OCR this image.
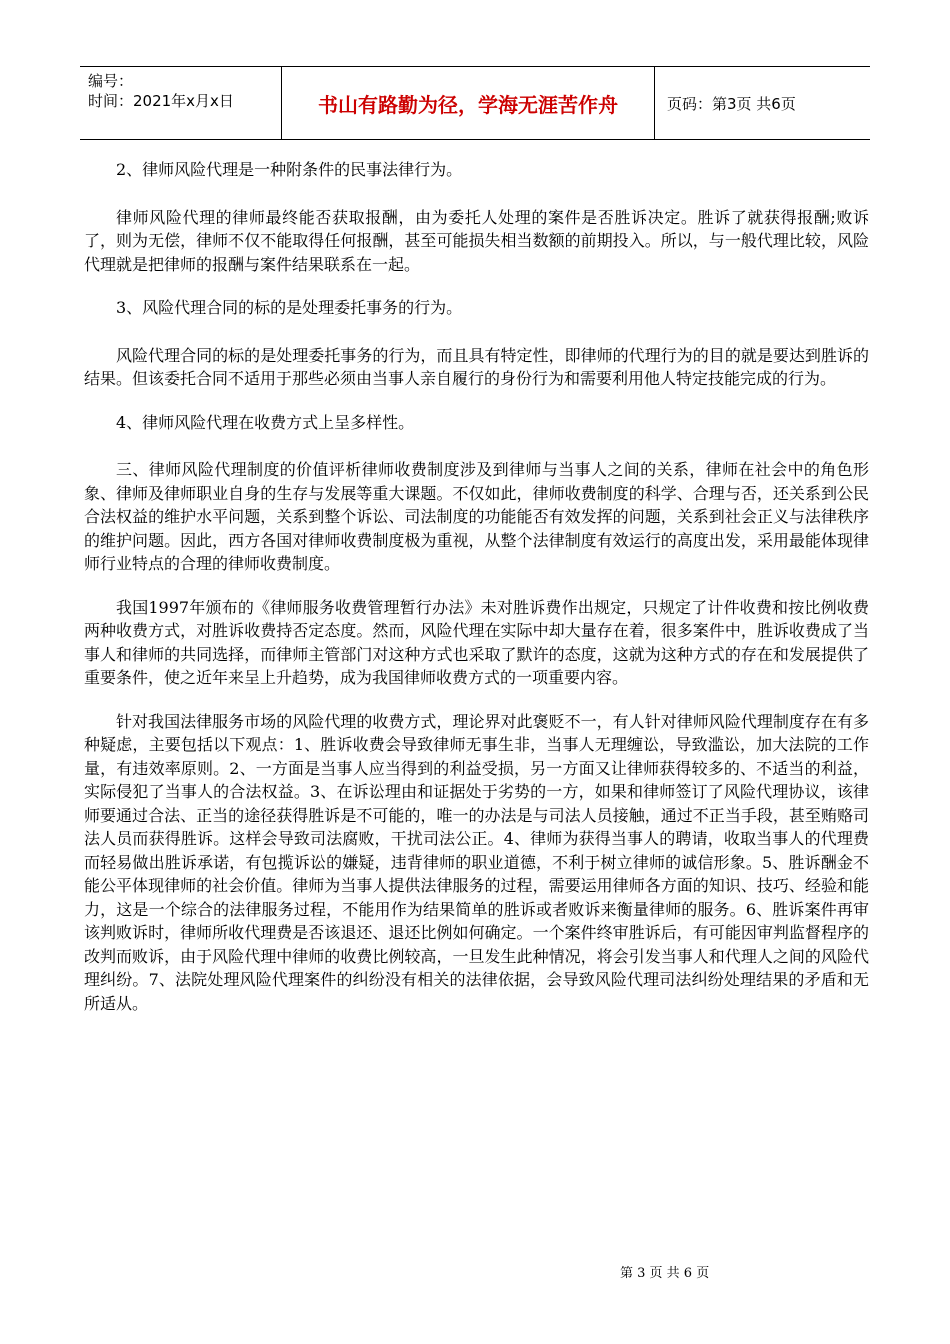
编号：
时间：2021年x月x日	书山有路勤为径，学海无涯苦作舟	页码：第3页 共6页

2、律师风险代理是一种附条件的民事法律行为。

律师风险代理的律师最终能否获取报酬，由为委托人处理的案件是否胜诉决定。胜诉了就获得报酬;败诉了，则为无偿，律师不仅不能取得任何报酬，甚至可能损失相当数额的前期投入。所以，与一般代理比较，风险代理就是把律师的报酬与案件结果联系在一起。

3、风险代理合同的标的是处理委托事务的行为。

风险代理合同的标的是处理委托事务的行为，而且具有特定性，即律师的代理行为的目的就是要达到胜诉的结果。但该委托合同不适用于那些必须由当事人亲自履行的身份行为和需要利用他人特定技能完成的行为。

4、律师风险代理在收费方式上呈多样性。

三、律师风险代理制度的价值评析律师收费制度涉及到律师与当事人之间的关系，律师在社会中的角色形象、律师及律师职业自身的生存与发展等重大课题。不仅如此，律师收费制度的科学、合理与否，还关系到公民合法权益的维护水平问题，关系到整个诉讼、司法制度的功能能否有效发挥的问题，关系到社会正义与法律秩序的维护问题。因此，西方各国对律师收费制度极为重视，从整个法律制度有效运行的高度出发，采用最能体现律师行业特点的合理的律师收费制度。

我国1997年颁布的《律师服务收费管理暂行办法》未对胜诉费作出规定，只规定了计件收费和按比例收费两种收费方式，对胜诉收费持否定态度。然而，风险代理在实际中却大量存在着，很多案件中，胜诉收费成了当事人和律师的共同选择，而律师主管部门对这种方式也采取了默许的态度，这就为这种方式的存在和发展提供了重要条件，使之近年来呈上升趋势，成为我国律师收费方式的一项重要内容。

针对我国法律服务市场的风险代理的收费方式，理论界对此褒贬不一，有人针对律师风险代理制度存在有多种疑虑，主要包括以下观点：1、胜诉收费会导致律师无事生非，当事人无理缠讼，导致滥讼，加大法院的工作量，有违效率原则。2、一方面是当事人应当得到的利益受损，另一方面又让律师获得较多的、不适当的利益，实际侵犯了当事人的合法权益。3、在诉讼理由和证据处于劣势的一方，如果和律师签订了风险代理协议，该律师要通过合法、正当的途径获得胜诉是不可能的，唯一的办法是与司法人员接触，通过不正当手段，甚至贿赂司法人员而获得胜诉。这样会导致司法腐败，干扰司法公正。4、律师为获得当事人的聘请，收取当事人的代理费而轻易做出胜诉承诺，有包揽诉讼的嫌疑，违背律师的职业道德，不利于树立律师的诚信形象。5、胜诉酬金不能公平体现律师的社会价值。律师为当事人提供法律服务的过程，需要运用律师各方面的知识、技巧、经验和能力，这是一个综合的法律服务过程，不能用作为结果简单的胜诉或者败诉来衡量律师的服务。6、胜诉案件再审该判败诉时，律师所收代理费是否该退还、退还比例如何确定。一个案件终审胜诉后，有可能因审判监督程序的改判而败诉，由于风险代理中律师的收费比例较高，一旦发生此种情况，将会引发当事人和代理人之间的风险代理纠纷。7、法院处理风险代理案件的纠纷没有相关的法律依据，会导致风险代理司法纠纷处理结果的矛盾和无所适从。

第 3 页 共 6 页
